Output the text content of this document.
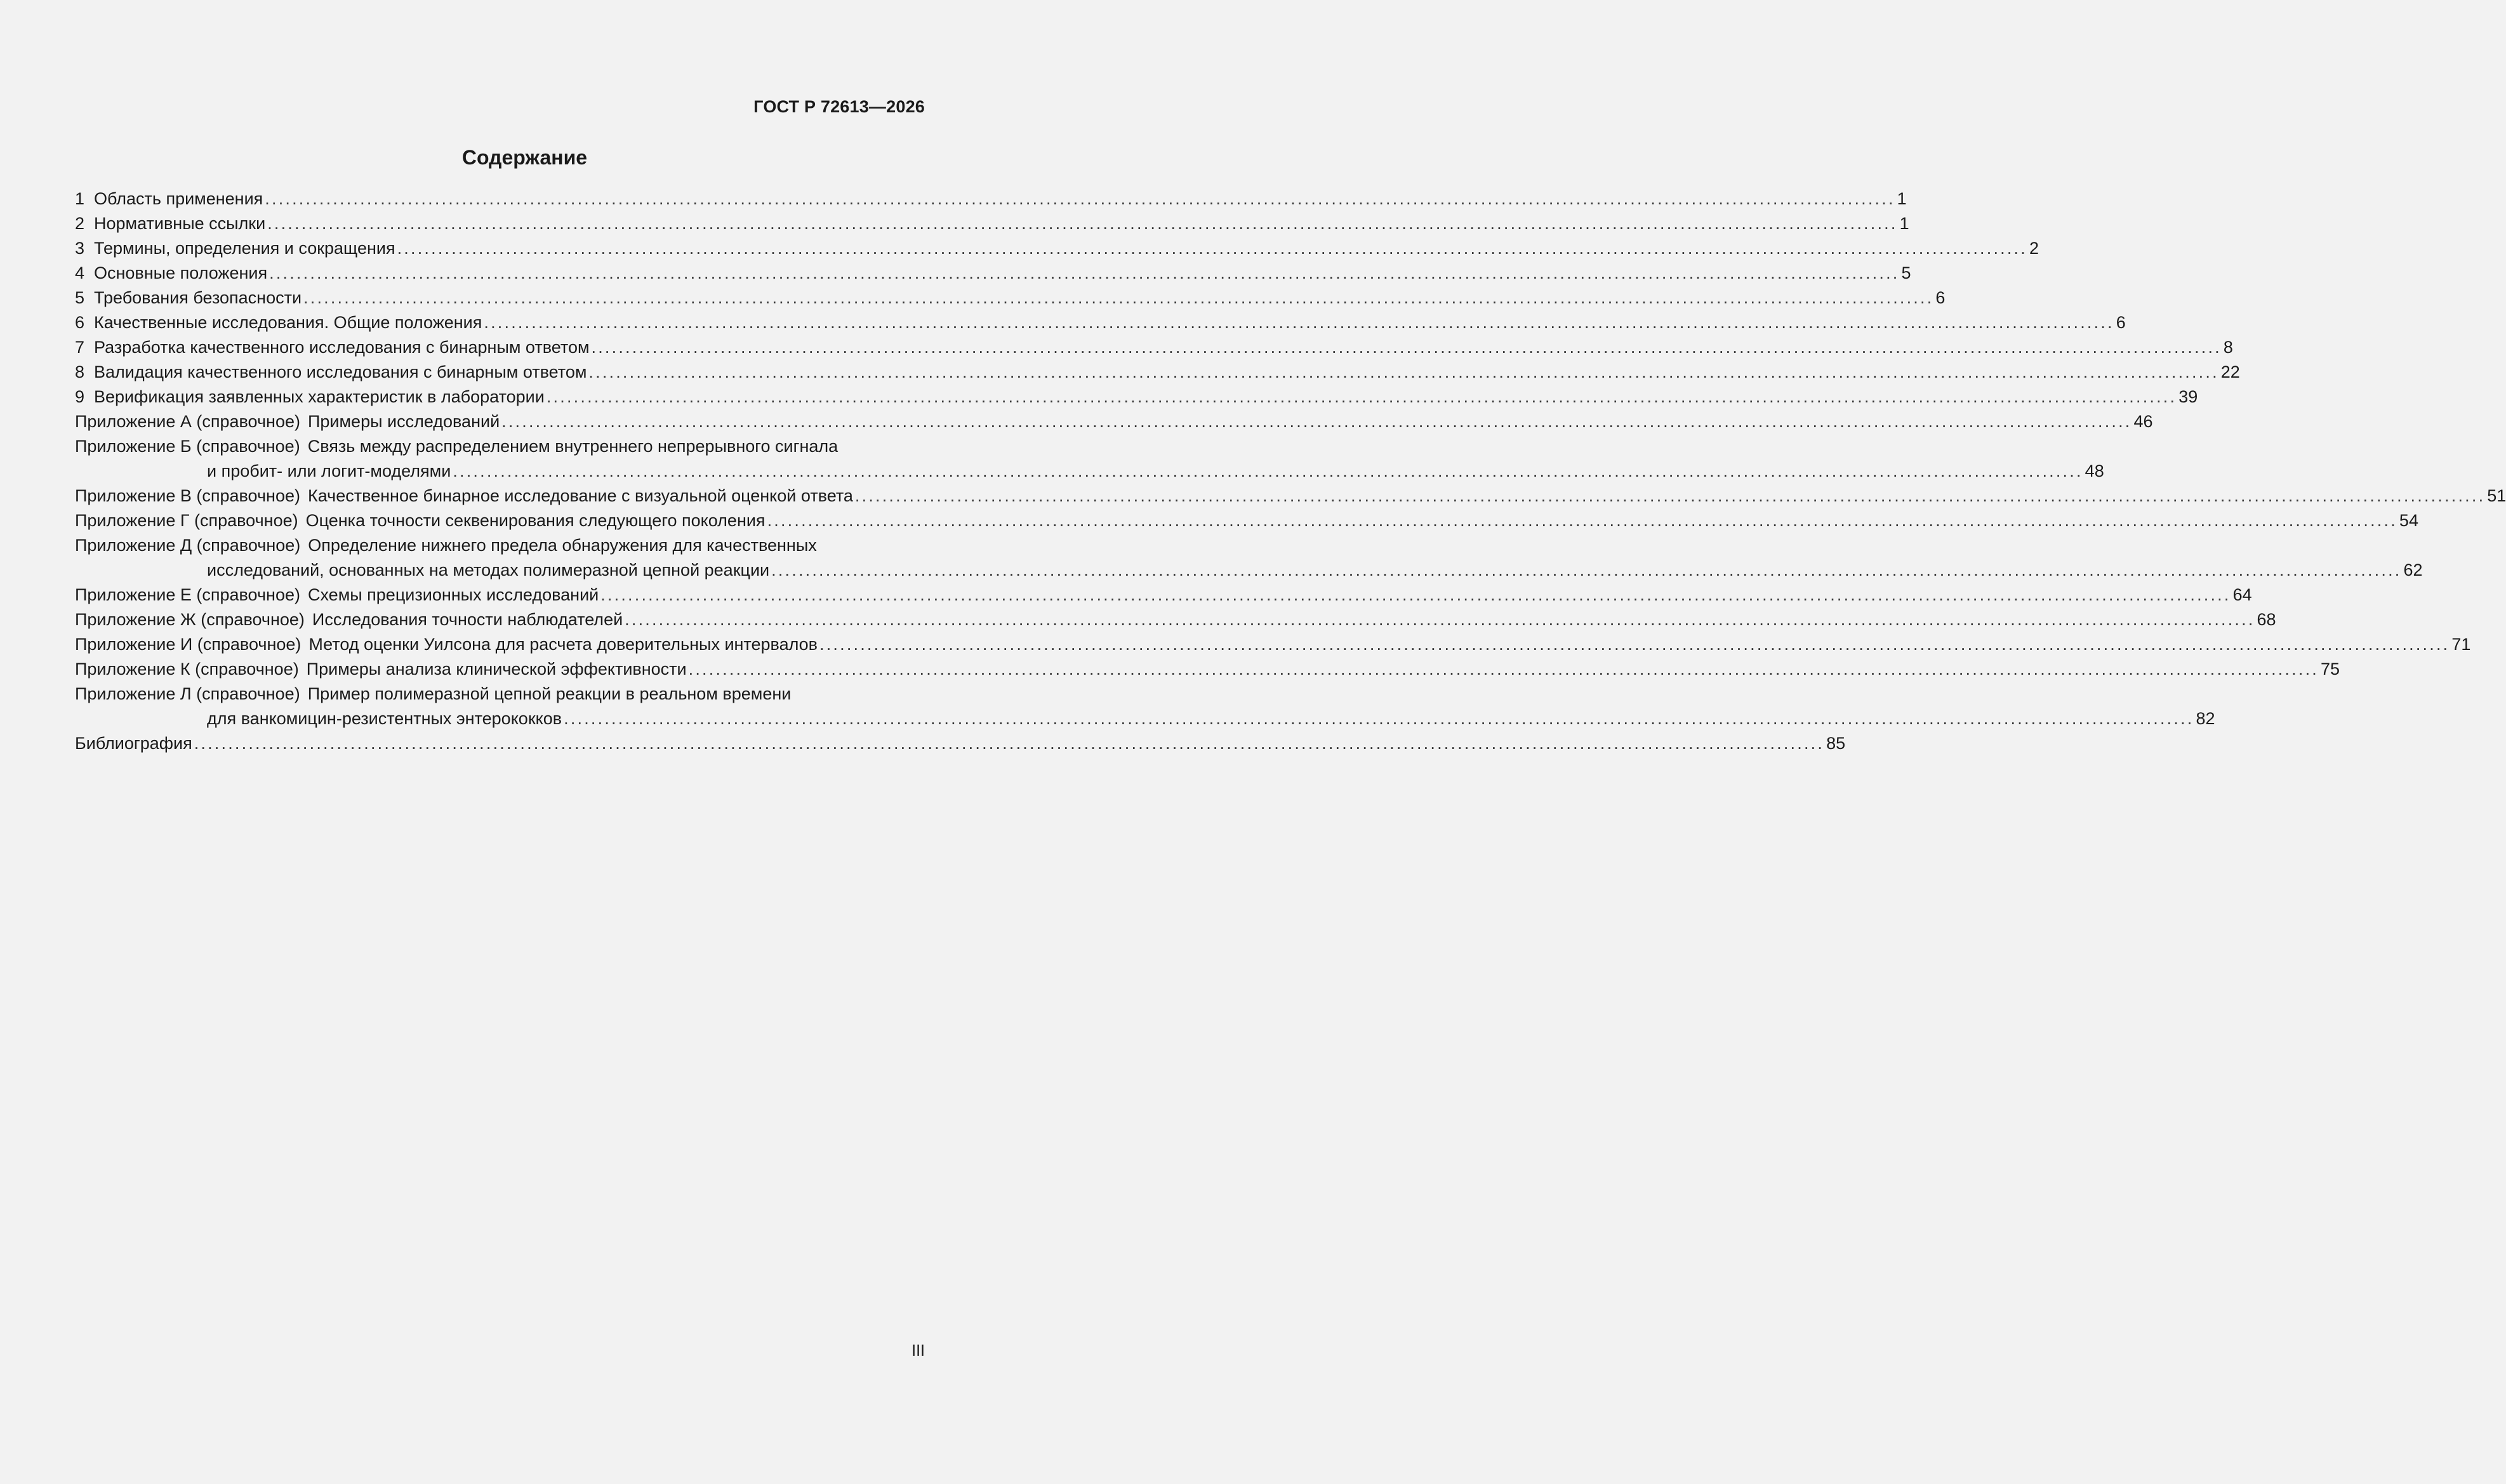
ГОСТ Р 72613—2026
Содержание
1 Область применения ................................................................................................................................................................................................................................................ 1
2 Нормативные ссылки ................................................................................................................................................................................................................................................ 1
3 Термины, определения и сокращения ................................................................................................................................................................................................................................................ 2
4 Основные положения ................................................................................................................................................................................................................................................ 5
5 Требования безопасности ................................................................................................................................................................................................................................................ 6
6 Качественные исследования. Общие положения ................................................................................................................................................................................................................................................ 6
7 Разработка качественного исследования с бинарным ответом ................................................................................................................................................................................................................................................ 8
8 Валидация качественного исследования с бинарным ответом ................................................................................................................................................................................................................................................ 22
9 Верификация заявленных характеристик в лаборатории ................................................................................................................................................................................................................................................ 39
Приложение А (справочное) Примеры исследований ................................................................................................................................................................................................................................................ 46
Приложение Б (справочное) Связь между распределением внутреннего непрерывного сигнала
и пробит- или логит-моделями ................................................................................................................................................................................................................................................ 48
Приложение В (справочное) Качественное бинарное исследование с визуальной оценкой ответа ................................................................................................................................................................................................................................................ 51
Приложение Г (справочное) Оценка точности секвенирования следующего поколения ................................................................................................................................................................................................................................................ 54
Приложение Д (справочное) Определение нижнего предела обнаружения для качественных
исследований, основанных на методах полимеразной цепной реакции ................................................................................................................................................................................................................................................ 62
Приложение Е (справочное) Схемы прецизионных исследований ................................................................................................................................................................................................................................................ 64
Приложение Ж (справочное) Исследования точности наблюдателей ................................................................................................................................................................................................................................................ 68
Приложение И (справочное) Метод оценки Уилсона для расчета доверительных интервалов ................................................................................................................................................................................................................................................ 71
Приложение К (справочное) Примеры анализа клинической эффективности ................................................................................................................................................................................................................................................ 75
Приложение Л (справочное) Пример полимеразной цепной реакции в реальном времени
для ванкомицин-резистентных энтерококков ................................................................................................................................................................................................................................................ 82
Библиография ................................................................................................................................................................................................................................................ 85
III
